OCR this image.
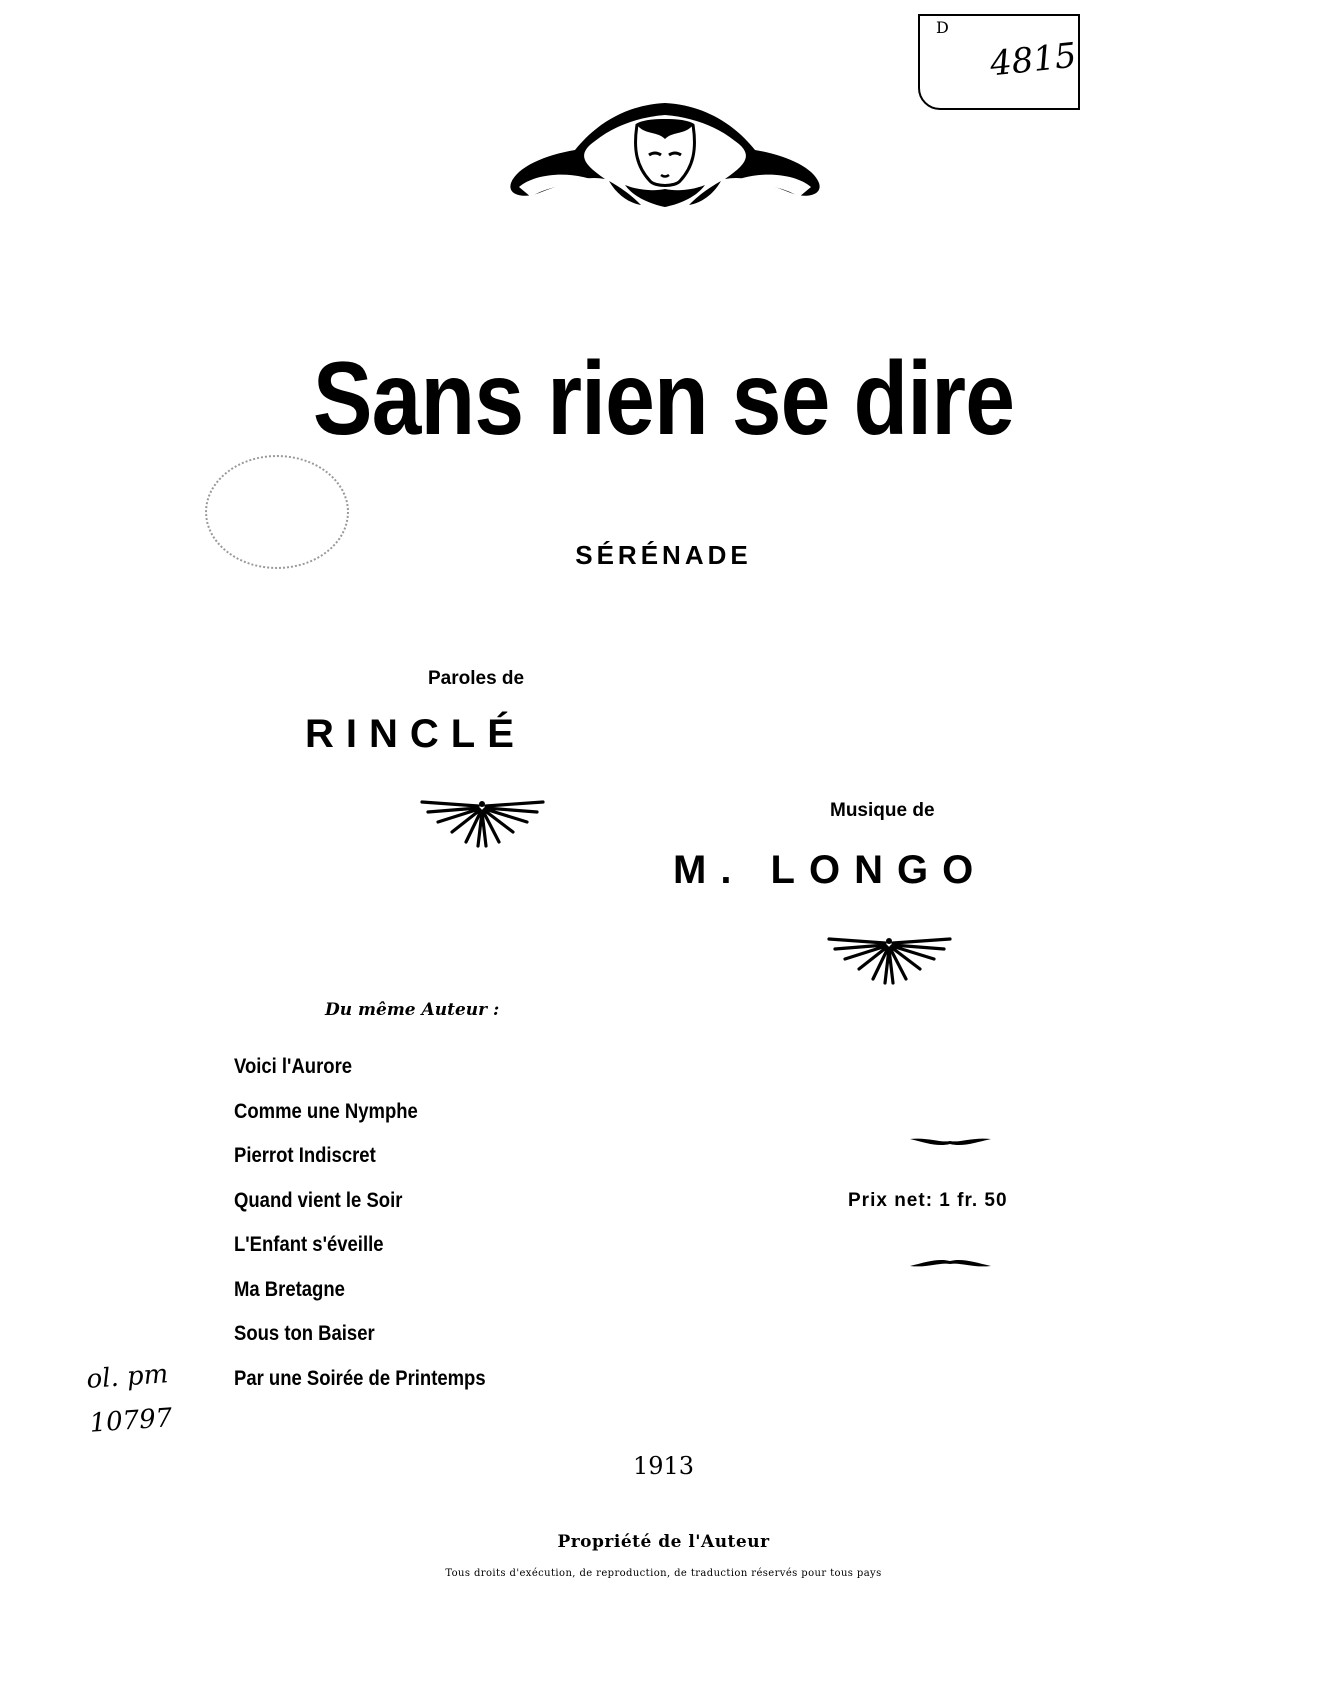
D
4815
Sans rien se dire
SÉRÉNADE
Paroles de
RINCLÉ
Musique de
M. LONGO
Du même Auteur :
Voici l'Aurore
Comme une Nymphe
Pierrot Indiscret
Quand vient le Soir
L'Enfant s'éveille
Ma Bretagne
Sous ton Baiser
Par une Soirée de Printemps
Prix net: 1 fr. 50
ol. pm
10797
1913
Propriété de l'Auteur
Tous droits d'exécution, de reproduction, de traduction réservés pour tous pays
